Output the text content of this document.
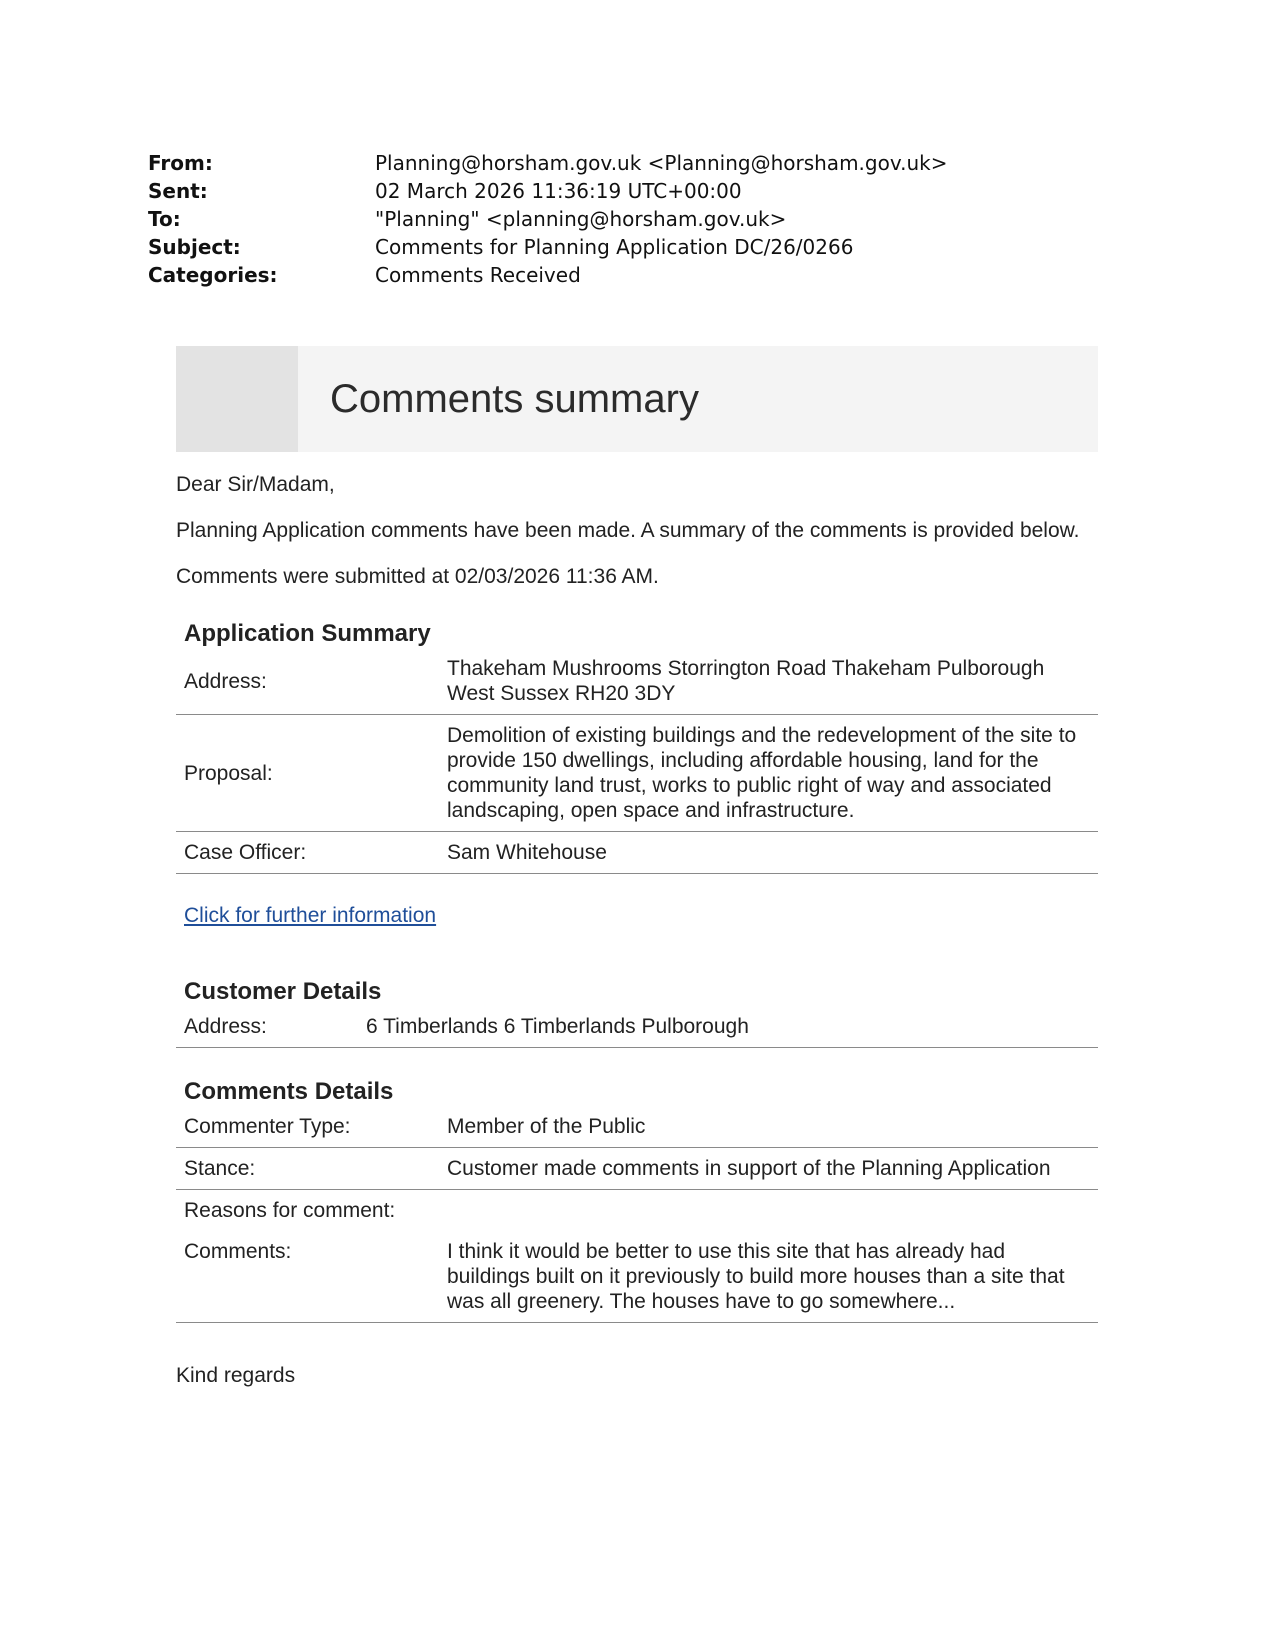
From:	Planning@horsham.gov.uk <Planning@horsham.gov.uk>
Sent:	02 March 2026 11:36:19 UTC+00:00
To:	"Planning" <planning@horsham.gov.uk>
Subject:	Comments for Planning Application DC/26/0266
Categories:	Comments Received
Comments summary

Dear Sir/Madam,

Planning Application comments have been made. A summary of the comments is provided below.

Comments were submitted at 02/03/2026 11:36 AM.

Application Summary
Address:	Thakeham Mushrooms Storrington Road Thakeham Pulborough West Sussex RH20 3DY
Proposal:	Demolition of existing buildings and the redevelopment of the site to provide 150 dwellings, including affordable housing, land for the community land trust, works to public right of way and associated landscaping, open space and infrastructure.
Case Officer:	Sam Whitehouse
Click for further information
Customer Details
Address:	6 Timberlands 6 Timberlands Pulborough
Comments Details
Commenter Type:	Member of the Public
Stance:	Customer made comments in support of the Planning Application
Reasons for comment:	
Comments:	I think it would be better to use this site that has already had buildings built on it previously to build more houses than a site that was all greenery. The houses have to go somewhere...

Kind regards
